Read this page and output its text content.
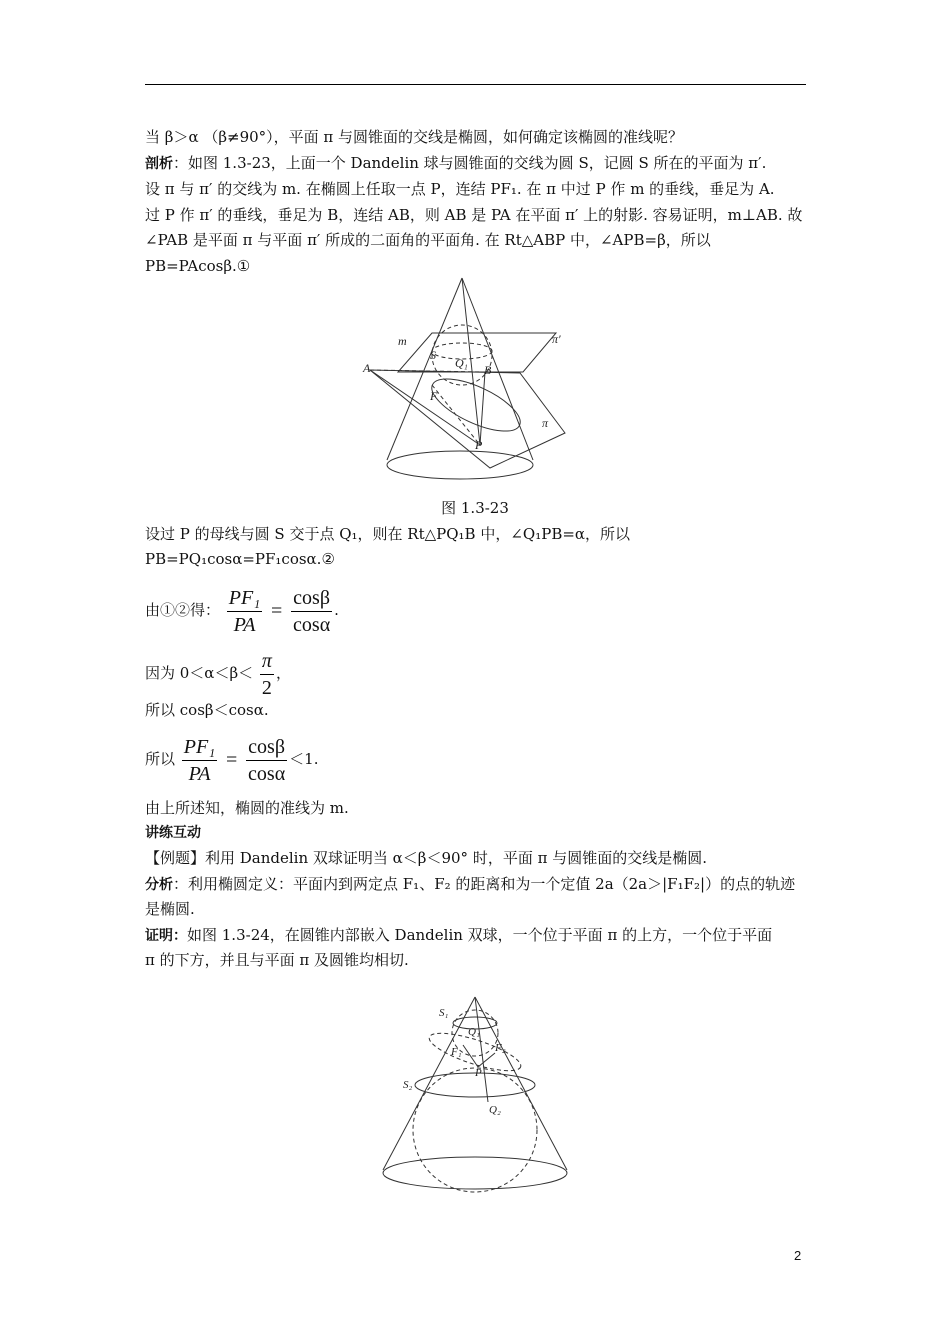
当 β＞α （β≠90°），平面 π 与圆锥面的交线是椭圆，如何确定该椭圆的准线呢？
剖析：如图 1.3-23，上面一个 Dandelin 球与圆锥面的交线为圆 S，记圆 S 所在的平面为 π′.
设 π 与 π′ 的交线为 m. 在椭圆上任取一点 P，连结 PF₁. 在 π 中过 P 作 m 的垂线，垂足为 A.
过 P 作 π′ 的垂线，垂足为 B，连结 AB，则 AB 是 PA 在平面 π′ 上的射影. 容易证明，m⊥AB. 故
∠PAB 是平面 π 与平面 π′ 所成的二面角的平面角. 在 Rt△ABP 中，∠APB=β，所以
PB=PAcosβ.①
m	π′
S
Q₁ B
A
F
π
P
图 1.3-23
设过 P 的母线与圆 S 交于点 Q₁，则在 Rt△PQ₁B 中，∠Q₁PB=α，所以
PB=PQ₁cosα=PF₁cosα.②
由①②得： $\frac{\text{PF₁}}{PA} = \frac{\cos\beta}{\cos\alpha}$ .
因为 $0<\alpha<\beta< \frac{\pi}{2}$ ，
所以 cosβ＜cosα.
所以 $\frac{\text{PF₁}}{PA} = \frac{\cos\beta}{\cos\alpha} <1$.
由上所述知，椭圆的准线为 m.
讲练互动
【例题】利用 Dandelin 双球证明当 α＜β＜90° 时，平面 π 与圆锥面的交线是椭圆.
分析：利用椭圆定义：平面内到两定点 F₁、F₂ 的距离和为一个定值 2a（2a＞|F₁F₂|）的点的轨迹
是椭圆.
证明：如图 1.3-24，在圆锥内部嵌入 Dandelin 双球，一个位于平面 π 的上方，一个位于平面
π 的下方，并且与平面 π 及圆锥均相切.
S₁
Q₁
F₁	F₂
P
S₂
Q₂
2
